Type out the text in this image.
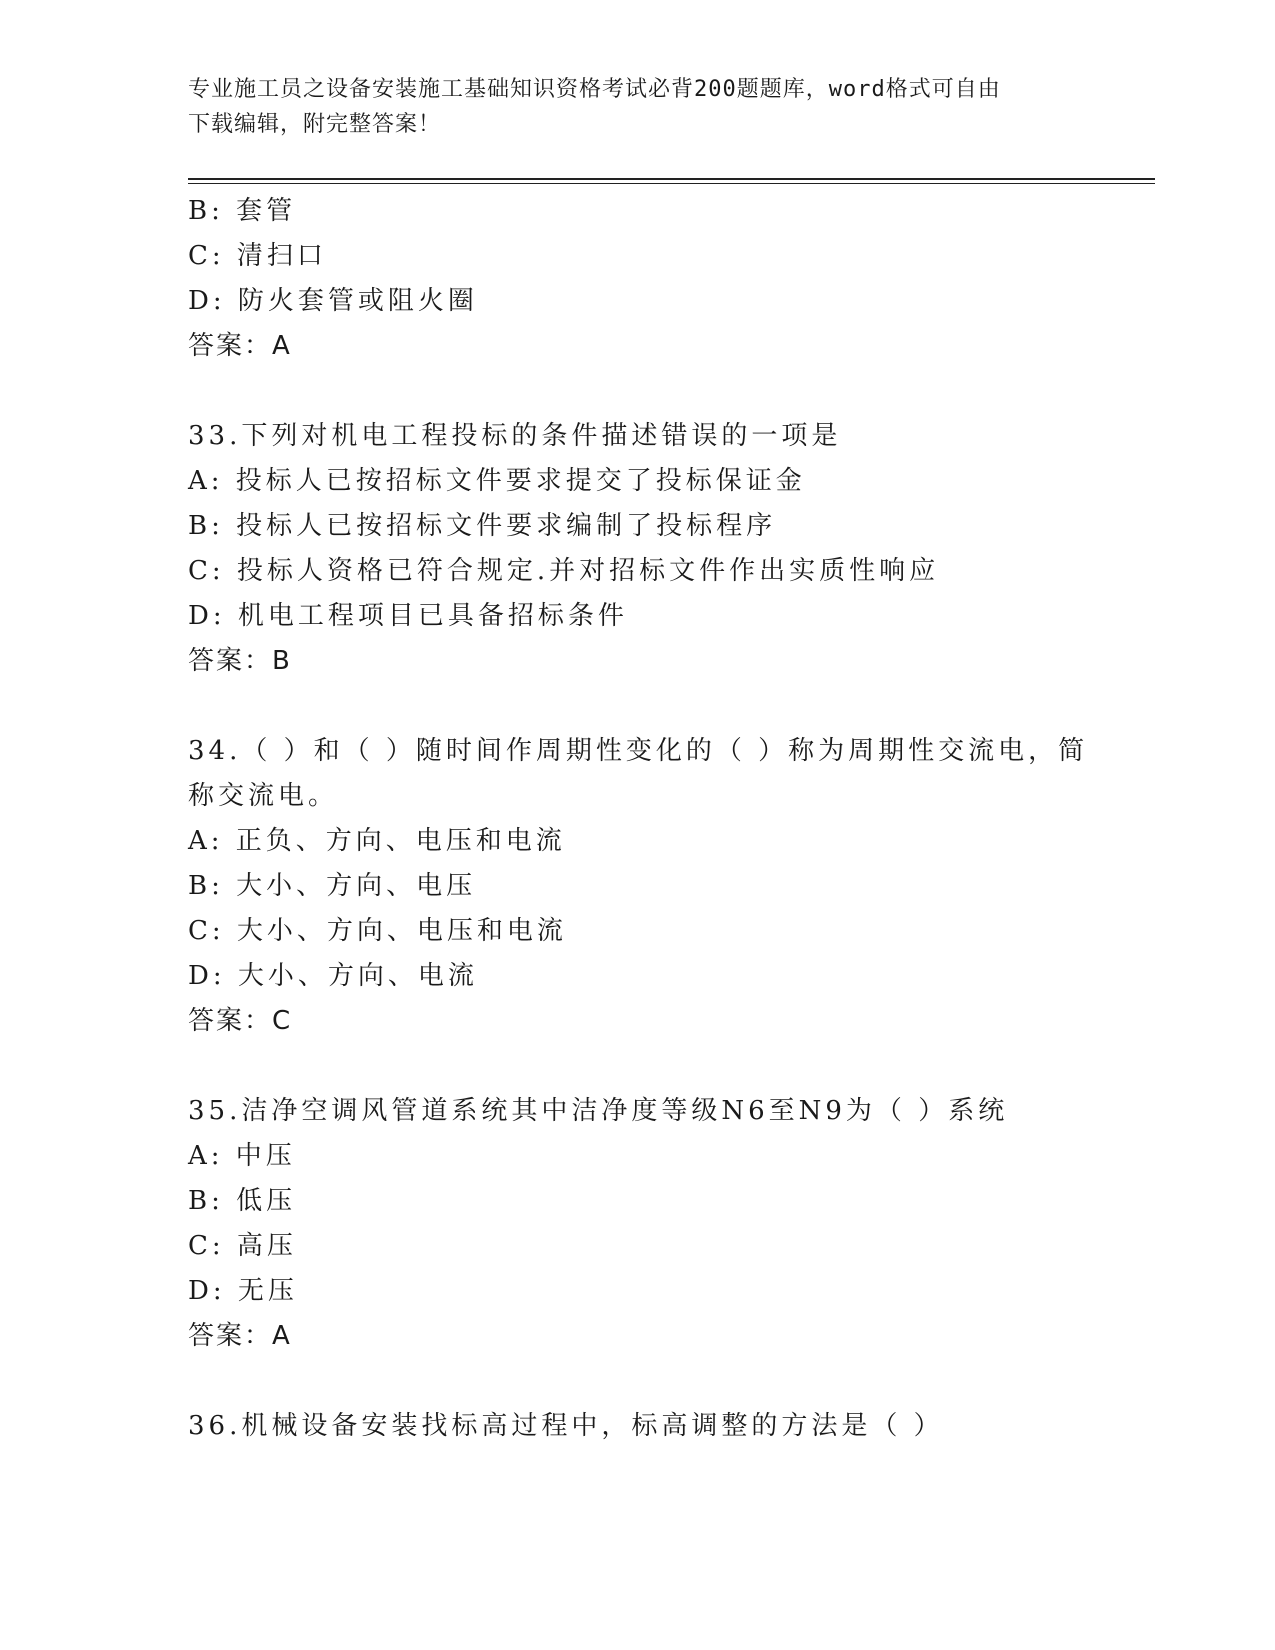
专业施工员之设备安装施工基础知识资格考试必背200题题库，word格式可自由
下载编辑，附完整答案！
B: 套管
C: 清扫口
D: 防火套管或阻火圈
答案：A
33.下列对机电工程投标的条件描述错误的一项是
A: 投标人已按招标文件要求提交了投标保证金
B: 投标人已按招标文件要求编制了投标程序
C: 投标人资格已符合规定.并对招标文件作出实质性响应
D: 机电工程项目已具备招标条件
答案：B
34.（ ）和（ ）随时间作周期性变化的（ ）称为周期性交流电，简
称交流电。
A: 正负、方向、电压和电流
B: 大小、方向、电压
C: 大小、方向、电压和电流
D: 大小、方向、电流
答案：C
35.洁净空调风管道系统其中洁净度等级N6至N9为（ ）系统
A: 中压
B: 低压
C: 高压
D: 无压
答案：A
36.机械设备安装找标高过程中，标高调整的方法是（ ）
